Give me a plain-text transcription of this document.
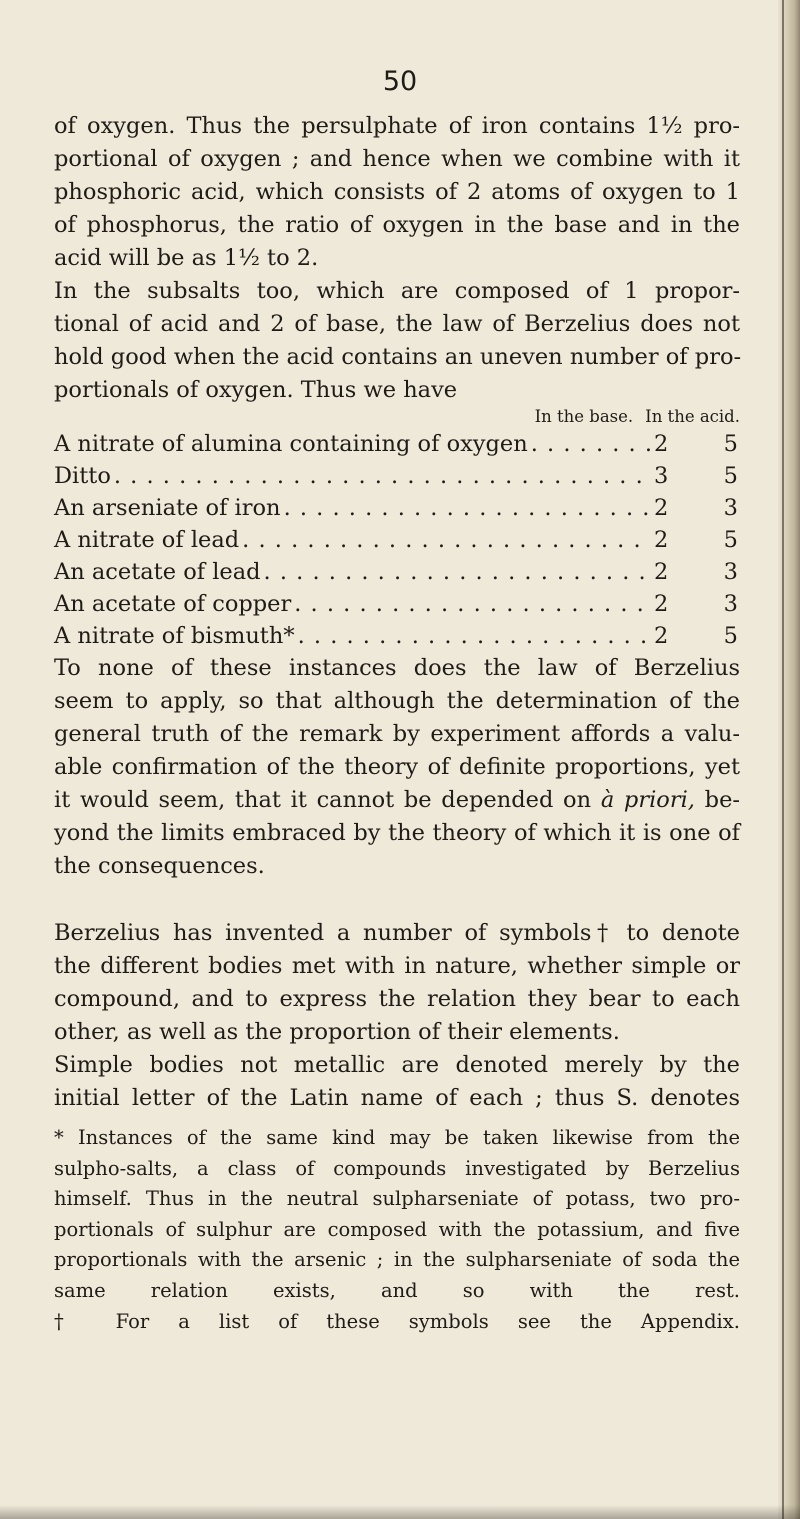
50
of oxygen. Thus the persulphate of iron contains 1½ pro-
portional of oxygen ; and hence when we combine with it
phosphoric acid, which consists of 2 atoms of oxygen to 1
of phosphorus, the ratio of oxygen in the base and in the
acid will be as 1½ to 2.
In the subsalts too, which are composed of 1 propor-
tional of acid and 2 of base, the law of Berzelius does not
hold good when the acid contains an uneven number of pro-
portionals of oxygen. Thus we have
In the base. In the acid.
A nitrate of alumina containing of oxygen . . .	2	5
Ditto . . .	3	5
An arseniate of iron . . .	2	3
A nitrate of lead . . .	2	5
An acetate of lead . . .	2	3
An acetate of copper . . .	2	3
A nitrate of bismuth* . . .	2	5
To none of these instances does the law of Berzelius
seem to apply, so that although the determination of the
general truth of the remark by experiment affords a valu-
able confirmation of the theory of definite proportions, yet
it would seem, that it cannot be depended on à priori, be-
yond the limits embraced by the theory of which it is one of
the consequences.
Berzelius has invented a number of symbols† to denote
the different bodies met with in nature, whether simple or
compound, and to express the relation they bear to each
other, as well as the proportion of their elements.
Simple bodies not metallic are denoted merely by the
initial letter of the Latin name of each ; thus S. denotes
* Instances of the same kind may be taken likewise from the
sulpho-salts, a class of compounds investigated by Berzelius
himself. Thus in the neutral sulpharseniate of potass, two pro-
portionals of sulphur are composed with the potassium, and five
proportionals with the arsenic ; in the sulpharseniate of soda the
same relation exists, and so with the rest.
† For a list of these symbols see the Appendix.
